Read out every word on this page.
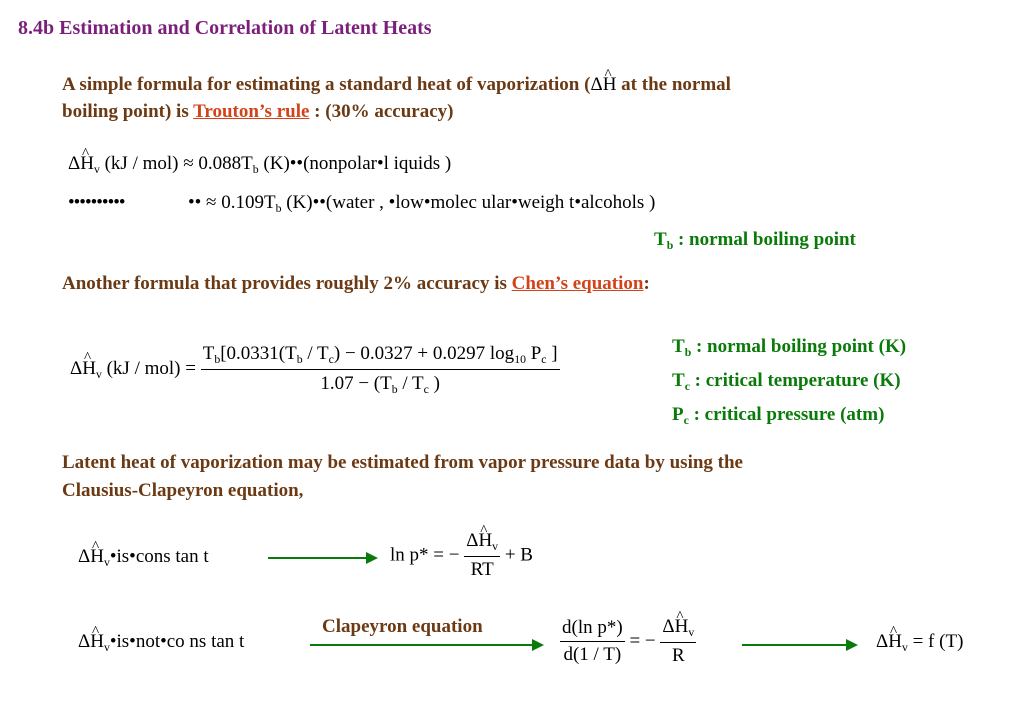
8.4b Estimation and Correlation of Latent Heats
A simple formula for estimating a standard heat of vaporization (Δ^ H at the normal
boiling point) is Trouton’s rule : (30% accuracy)
Δ^ $H_v$ $(kJ / mol) \approx 0.088T_b$ (K)••(nonpolar•l iquids )
••••••••••	•• ≈ $0.109T_b$ (K)••(water , •low•molec ular•weigh t•alcohols )
$T_b$ : normal boiling point
Another formula that provides roughly 2% accuracy is Chen’s equation:
Δ^ $H_v$ $(kJ / mol) = \frac{T_b[0.0331(T_b / T_c) - 0.0327 + 0.0297 \log_{10} P_c ]}{1.07 - (T_b / T_c )}$	$T_b$ : normal boiling point (K)
$T_c$ : critical temperature (K)
$P_c$ : critical pressure (atm)
Latent heat of vaporization may be estimated from vapor pressure data by using the
Clausius-Clapeyron equation,
Δ^ $H_v•is•cons$ tan t	ln p* = − $\frac{\Delta\^{} H_v}{RT} + B$
Δ^ $H_v•is•not•co$ ns tan t
Clapeyron equation	$\frac{\text{d(ln p*)}}{d(1 / T)}$ = − $\frac{\Delta\^{} H_v}{R}$	Δ^ $H_v = f$ (T)
